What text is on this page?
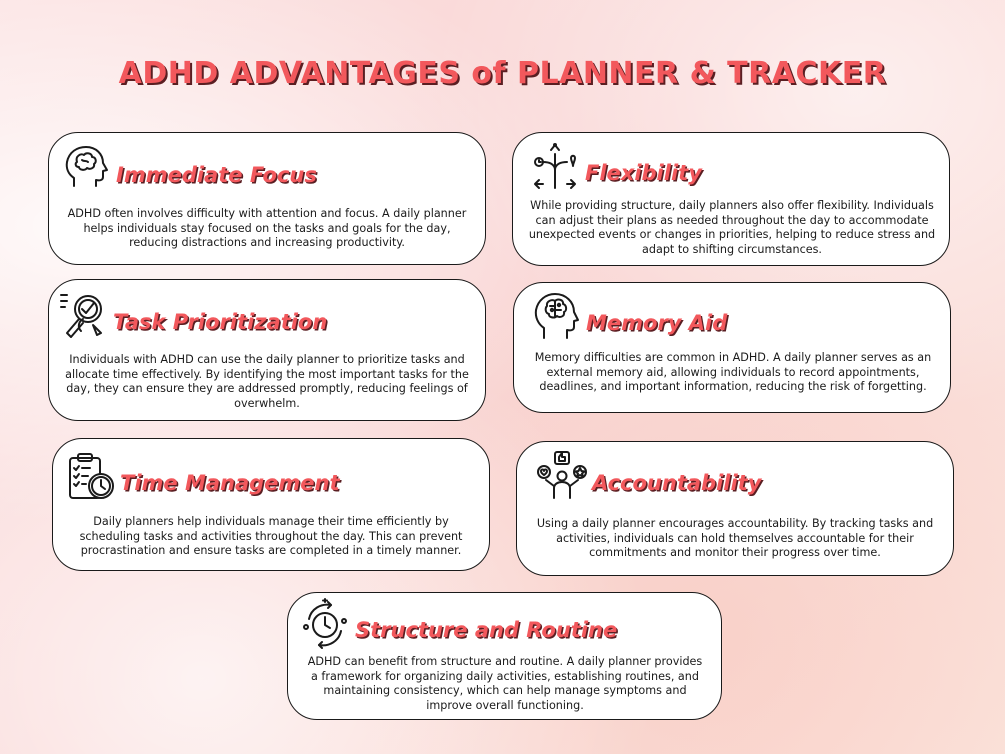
ADHD ADVANTAGES of PLANNER & TRACKER
Immediate Focus
ADHD often involves difficulty with attention and focus. A daily planner helps individuals stay focused on the tasks and goals for the day, reducing distractions and increasing productivity.
Flexibility
While providing structure, daily planners also offer flexibility. Individuals can adjust their plans as needed throughout the day to accommodate unexpected events or changes in priorities, helping to reduce stress and adapt to shifting circumstances.
Task Prioritization
Individuals with ADHD can use the daily planner to prioritize tasks and allocate time effectively. By identifying the most important tasks for the day, they can ensure they are addressed promptly, reducing feelings of overwhelm.
Memory Aid
Memory difficulties are common in ADHD. A daily planner serves as an external memory aid, allowing individuals to record appointments, deadlines, and important information, reducing the risk of forgetting.
Time Management
Daily planners help individuals manage their time efficiently by scheduling tasks and activities throughout the day. This can prevent procrastination and ensure tasks are completed in a timely manner.
Accountability
Using a daily planner encourages accountability. By tracking tasks and activities, individuals can hold themselves accountable for their commitments and monitor their progress over time.
Structure and Routine
ADHD can benefit from structure and routine. A daily planner provides a framework for organizing daily activities, establishing routines, and maintaining consistency, which can help manage symptoms and improve overall functioning.
